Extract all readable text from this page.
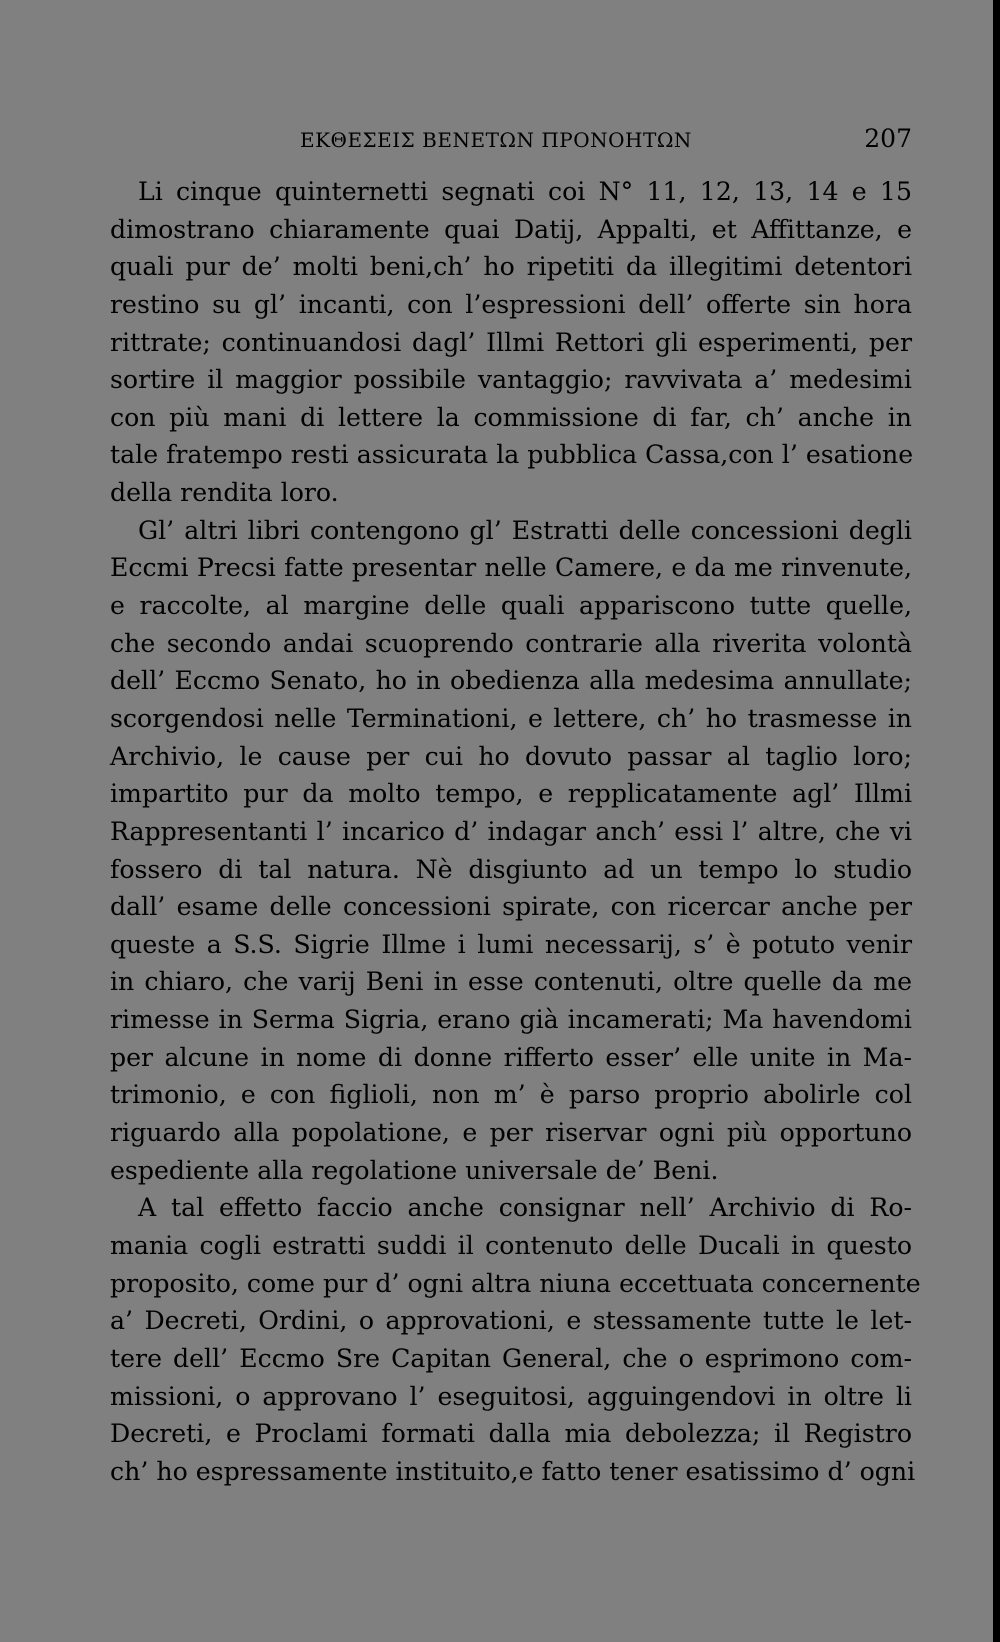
ΕΚΘΕΣΕΙΣ ΒΕΝΕΤΩΝ ΠΡΟΝΟΗΤΩΝ	207
Li cinque quinternetti segnati coi N° 11, 12, 13, 14 e 15
dimostrano chiaramente quai Datij, Appalti, et Affittanze, e
quali pur de’ molti beni,ch’ ho ripetiti da illegitimi detentori
restino su gl’ incanti, con l’espressioni dell’ offerte sin hora
rittrate; continuandosi dagl’ Illmi Rettori gli esperimenti, per
sortire il maggior possibile vantaggio; ravvivata a’ medesimi
con più mani di lettere la commissione di far, ch’ anche in
tale fratempo resti assicurata la pubblica Cassa,con l’ esatione
della rendita loro.
Gl’ altri libri contengono gl’ Estratti delle concessioni degli
Eccmi Precsi fatte presentar nelle Camere, e da me rinvenute,
e raccolte, al margine delle quali appariscono tutte quelle,
che secondo andai scuoprendo contrarie alla riverita volontà
dell’ Eccmo Senato, ho in obedienza alla medesima annullate;
scorgendosi nelle Terminationi, e lettere, ch’ ho trasmesse in
Archivio, le cause per cui ho dovuto passar al taglio loro;
impartito pur da molto tempo, e repplicatamente agl’ Illmi
Rappresentanti l’ incarico d’ indagar anch’ essi l’ altre, che vi
fossero di tal natura. Nè disgiunto ad un tempo lo studio
dall’ esame delle concessioni spirate, con ricercar anche per
queste a S.S. Sigrie Illme i lumi necessarij, s’ è potuto venir
in chiaro, che varij Beni in esse contenuti, oltre quelle da me
rimesse in Serma Sigria, erano già incamerati; Ma havendomi
per alcune in nome di donne rifferto esser’ elle unite in Ma-
trimonio, e con figlioli, non m’ è parso proprio abolirle col
riguardo alla popolatione, e per riservar ogni più opportuno
espediente alla regolatione universale de’ Beni.
A tal effetto faccio anche consignar nell’ Archivio di Ro-
mania cogli estratti suddi il contenuto delle Ducali in questo
proposito, come pur d’ ogni altra niuna eccettuata concernente
a’ Decreti, Ordini, o approvationi, e stessamente tutte le let-
tere dell’ Eccmo Sre Capitan General, che o esprimono com-
missioni, o approvano l’ eseguitosi, agguingendovi in oltre li
Decreti, e Proclami formati dalla mia debolezza; il Registro
ch’ ho espressamente instituito,e fatto tener esatissimo d’ ogni
